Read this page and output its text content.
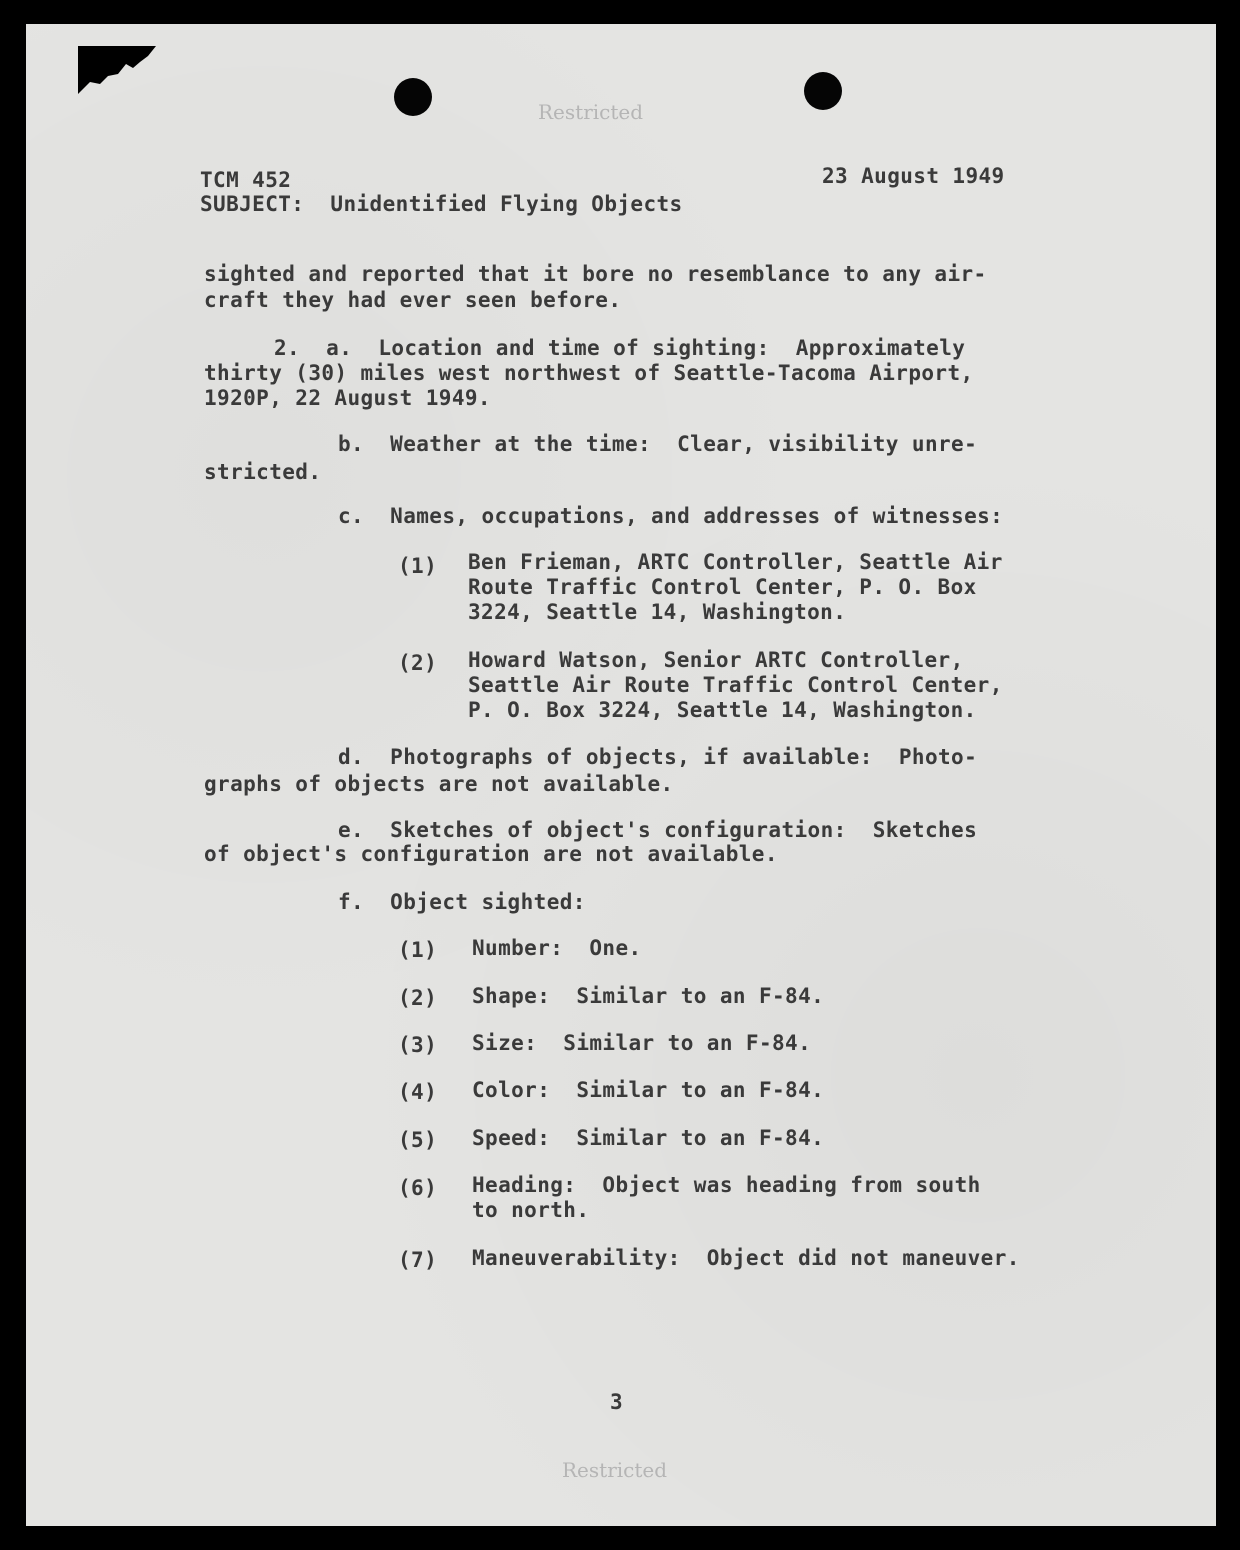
Restricted
TCM 452	23 August 1949
SUBJECT:  Unidentified Flying Objects
sighted and reported that it bore no resemblance to any air-
craft they had ever seen before.
2.  a.  Location and time of sighting:  Approximately
thirty (30) miles west northwest of Seattle-Tacoma Airport,
1920P, 22 August 1949.
b.  Weather at the time:  Clear, visibility unre-
stricted.
c.  Names, occupations, and addresses of witnesses:
(1) Ben Frieman, ARTC Controller, Seattle Air
Route Traffic Control Center, P. O. Box
3224, Seattle 14, Washington.
(2) Howard Watson, Senior ARTC Controller,
Seattle Air Route Traffic Control Center,
P. O. Box 3224, Seattle 14, Washington.
d.  Photographs of objects, if available:  Photo-
graphs of objects are not available.
e.  Sketches of object's configuration:  Sketches
of object's configuration are not available.
f.  Object sighted:
(1) Number:  One.
(2) Shape:  Similar to an F-84.
(3) Size:  Similar to an F-84.
(4) Color:  Similar to an F-84.
(5) Speed:  Similar to an F-84.
(6) Heading:  Object was heading from south
to north.
(7) Maneuverability:  Object did not maneuver.
3
Restricted
